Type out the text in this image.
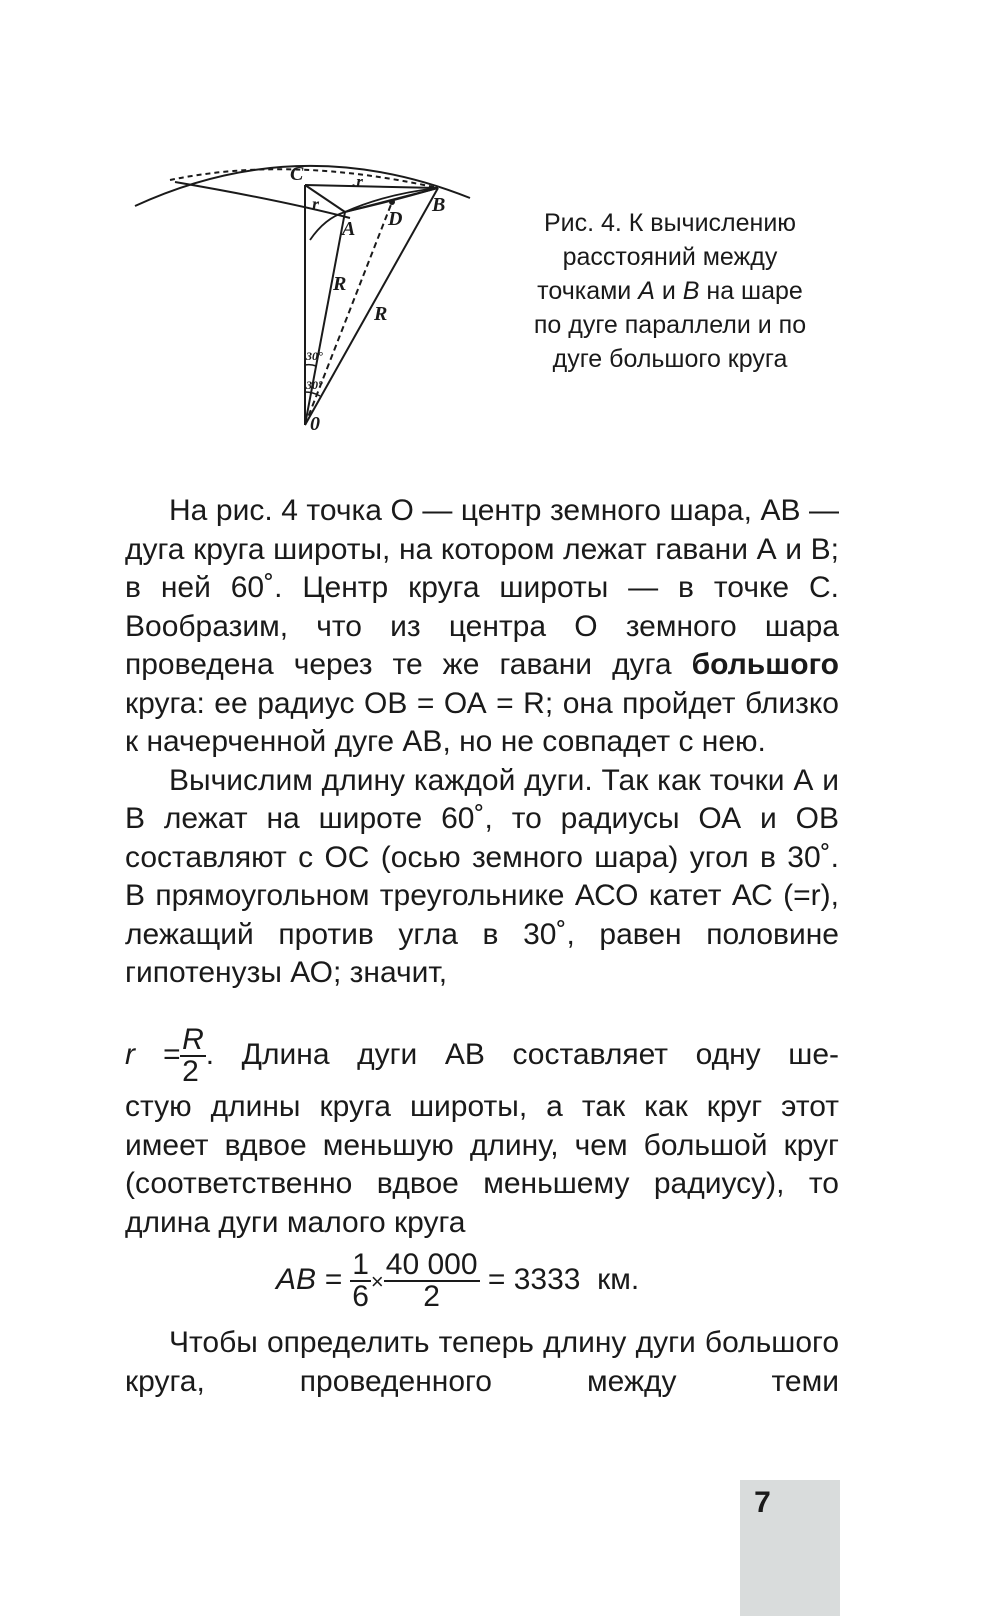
C	.r
B
r
A D
R
R
30°
30°
0
Рис. 4. К вычислению
расстояний между
точками A и B на шаре
по дуге параллели и по
дуге большого круга

На рис. 4 точка О — центр земного шара, АВ — дуга круга широты, на котором лежат гавани А и В; в ней 60˚. Центр круга широты — в точке С. Вообразим, что из центра О земного шара проведена через те же гавани дуга большого круга: ее радиус ОВ = ОА = R; она пройдет близко к начерченной дуге АВ, но не совпадет с нею.

Вычислим длину каждой дуги. Так как точки А и В лежат на широте 60˚, то радиусы ОА и ОВ составляют с ОС (осью земного шара) угол в 30˚. В прямоугольном треугольнике АСО катет АС (=r), лежащий против угла в 30˚, равен половине гипотенузы АО; значит,

$r = \frac{R}{2}$ . Длина дуги АВ составляет одну ше-

стую длины круга широты, а так как круг этот имеет вдвое меньшую длину, чем большой круг (соответственно вдвое меньшему радиусу), то длина дуги малого круга

AB = $\frac{1}{6} \times \frac{40 000}{2} = 3333$ км.

Чтобы определить теперь длину дуги большого круга, проведенного между теми

7
